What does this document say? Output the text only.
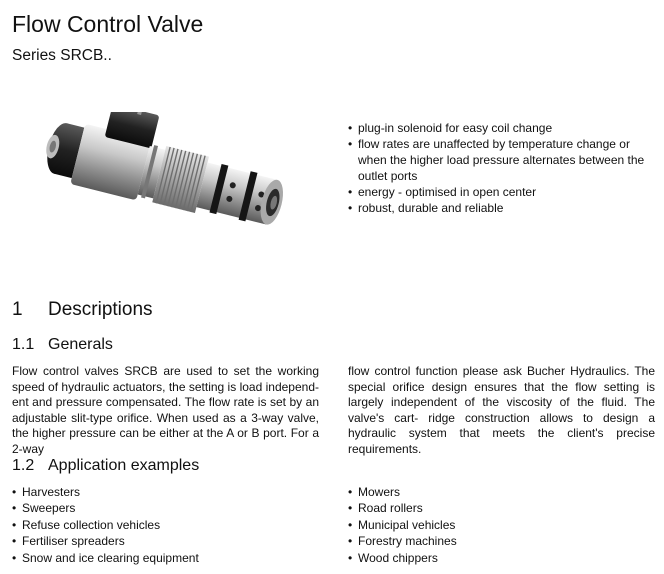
Flow Control Valve
Series SRCB..
• plug-in solenoid for easy coil change
• flow rates are unaffected by temperature change or when the higher load pressure alternates between the outlet ports
• energy - optimised in open center
• robust, durable and reliable
1 Descriptions
1.1 Generals
Flow control valves SRCB are used to set the working speed of hydraulic actuators, the setting is load independ- ent and pressure compensated. The flow rate is set by an adjustable slit-type orifice. When used as a 3-way valve, the higher pressure can be either at the A or B port. For a 2-way
flow control function please ask Bucher Hydraulics. The special orifice design ensures that the flow setting is largely independent of the viscosity of the fluid. The valve's cart- ridge construction allows to design a hydraulic system that meets the client's precise requirements.
1.2 Application examples
• Harvesters
• Sweepers
• Refuse collection vehicles
• Fertiliser spreaders
• Snow and ice clearing equipment
• Mowers
• Road rollers
• Municipal vehicles
• Forestry machines
• Wood chippers
